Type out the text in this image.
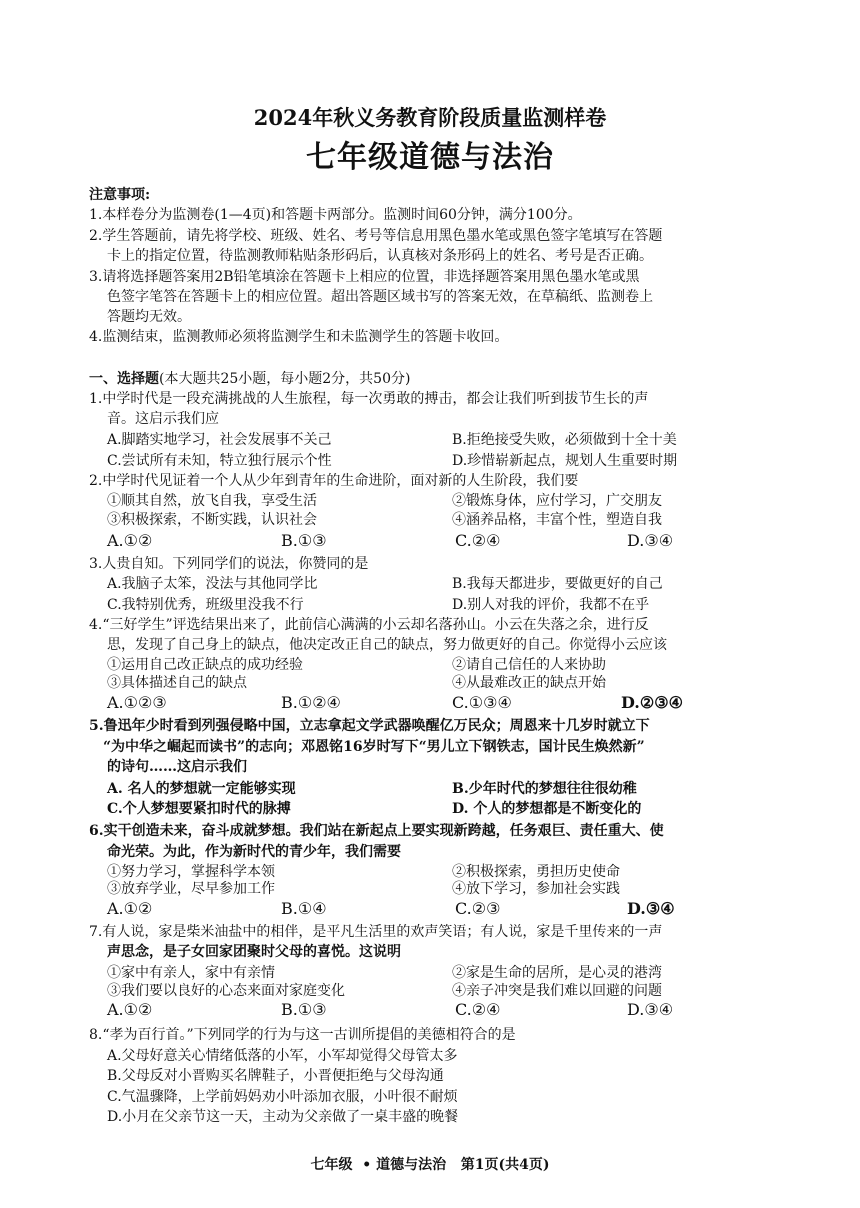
2024年秋义务教育阶段质量监测样卷
七年级道德与法治
注意事项:
1.本样卷分为监测卷(1—4页)和答题卡两部分。监测时间60分钟，满分100分。
2.学生答题前，请先将学校、班级、姓名、考号等信息用黑色墨水笔或黑色签字笔填写在答题
卡上的指定位置，待监测教师粘贴条形码后，认真核对条形码上的姓名、考号是否正确。
3.请将选择题答案用2B铅笔填涂在答题卡上相应的位置，非选择题答案用黑色墨水笔或黑
色签字笔答在答题卡上的相应位置。超出答题区域书写的答案无效，在草稿纸、监测卷上
答题均无效。
4.监测结束，监测教师必须将监测学生和未监测学生的答题卡收回。
一、选择题(本大题共25小题，每小题2分，共50分)
1.中学时代是一段充满挑战的人生旅程，每一次勇敢的搏击，都会让我们听到拔节生长的声
音。这启示我们应
A.脚踏实地学习，社会发展事不关己	B.拒绝接受失败，必须做到十全十美
C.尝试所有未知，特立独行展示个性	D.珍惜崭新起点，规划人生重要时期
2.中学时代见证着一个人从少年到青年的生命进阶，面对新的人生阶段，我们要
①顺其自然，放飞自我，享受生活	②锻炼身体，应付学习，广交朋友
③积极探索，不断实践，认识社会	④涵养品格，丰富个性，塑造自我
A.①②	B.①③	C.②④	D.③④
3.人贵自知。下列同学们的说法，你赞同的是
A.我脑子太笨，没法与其他同学比	B.我每天都进步，要做更好的自己
C.我特别优秀，班级里没我不行	D.别人对我的评价，我都不在乎
4.“三好学生”评选结果出来了，此前信心满满的小云却名落孙山。小云在失落之余，进行反
思，发现了自己身上的缺点，他决定改正自己的缺点，努力做更好的自己。你觉得小云应该
①运用自己改正缺点的成功经验	②请自己信任的人来协助
③具体描述自己的缺点	④从最难改正的缺点开始
A.①②③	B.①②④	C.①③④	D.②③④
5.鲁迅年少时看到列强侵略中国，立志拿起文学武器唤醒亿万民众；周恩来十几岁时就立下
“为中华之崛起而读书”的志向；邓恩铭16岁时写下“男儿立下钢铁志，国计民生焕然新”
的诗句……这启示我们
A. 名人的梦想就一定能够实现	B.少年时代的梦想往往很幼稚
C.个人梦想要紧扣时代的脉搏	D. 个人的梦想都是不断变化的
6.实干创造未来，奋斗成就梦想。我们站在新起点上要实现新跨越，任务艰巨、责任重大、使
命光荣。为此，作为新时代的青少年，我们需要
①努力学习，掌握科学本领	②积极探索，勇担历史使命
③放弃学业，尽早参加工作	④放下学习，参加社会实践
A.①②	B.①④	C.②③	D.③④
7.有人说，家是柴米油盐中的相伴，是平凡生活里的欢声笑语；有人说，家是千里传来的一声
声思念，是子女回家团聚时父母的喜悦。这说明
①家中有亲人，家中有亲情	②家是生命的居所，是心灵的港湾
③我们要以良好的心态来面对家庭变化	④亲子冲突是我们难以回避的问题
A.①②	B.①③	C.②④	D.③④
8.“孝为百行首。”下列同学的行为与这一古训所提倡的美德相符合的是
A.父母好意关心情绪低落的小军，小军却觉得父母管太多
B.父母反对小晋购买名牌鞋子，小晋便拒绝与父母沟通
C.气温骤降，上学前妈妈劝小叶添加衣服，小叶很不耐烦
D.小月在父亲节这一天，主动为父亲做了一桌丰盛的晚餐
七年级  • 道德与法治   第1页(共4页)
